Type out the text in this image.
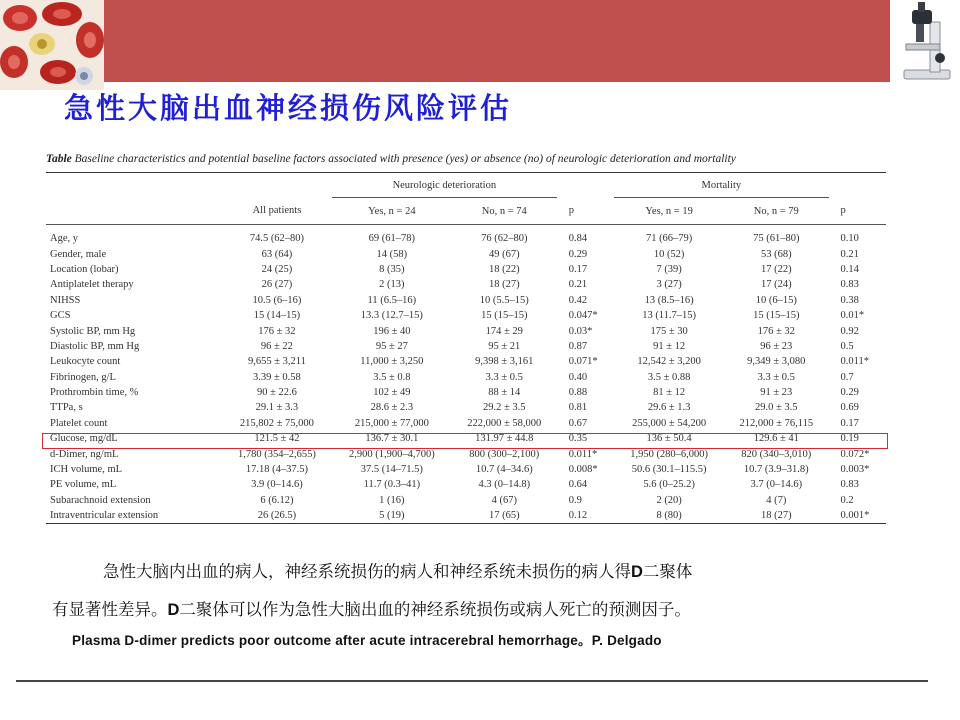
急性大脑出血神经损伤风险评估
Table Baseline characteristics and potential baseline factors associated with presence (yes) or absence (no) of neurologic deterioration and mortality
		Neurologic deterioration			Mortality		
	All patients	Yes, n = 24	No, n = 74	p	Yes, n = 19	No, n = 79	p

Age, y	74.5 (62–80)	69 (61–78)	76 (62–80)	0.84	71 (66–79)	75 (61–80)	0.10
Gender, male	63 (64)	14 (58)	49 (67)	0.29	10 (52)	53 (68)	0.21
Location (lobar)	24 (25)	8 (35)	18 (22)	0.17	7 (39)	17 (22)	0.14
Antiplatelet therapy	26 (27)	2 (13)	18 (27)	0.21	3 (27)	17 (24)	0.83
NIHSS	10.5 (6–16)	11 (6.5–16)	10 (5.5–15)	0.42	13 (8.5–16)	10 (6–15)	0.38
GCS	15 (14–15)	13.3 (12.7–15)	15 (15–15)	0.047*	13 (11.7–15)	15 (15–15)	0.01*
Systolic BP, mm Hg	176 ± 32	196 ± 40	174 ± 29	0.03*	175 ± 30	176 ± 32	0.92
Diastolic BP, mm Hg	96 ± 22	95 ± 27	95 ± 21	0.87	91 ± 12	96 ± 23	0.5
Leukocyte count	9,655 ± 3,211	11,000 ± 3,250	9,398 ± 3,161	0.071*	12,542 ± 3,200	9,349 ± 3,080	0.011*
Fibrinogen, g/L	3.39 ± 0.58	3.5 ± 0.8	3.3 ± 0.5	0.40	3.5 ± 0.88	3.3 ± 0.5	0.7
Prothrombin time, %	90 ± 22.6	102 ± 49	88 ± 14	0.88	81 ± 12	91 ± 23	0.29
TTPa, s	29.1 ± 3.3	28.6 ± 2.3	29.2 ± 3.5	0.81	29.6 ± 1.3	29.0 ± 3.5	0.69
Platelet count	215,802 ± 75,000	215,000 ± 77,000	222,000 ± 58,000	0.67	255,000 ± 54,200	212,000 ± 76,115	0.17
Glucose, mg/dL	121.5 ± 42	136.7 ± 30.1	131.97 ± 44.8	0.35	136 ± 50.4	129.6 ± 41	0.19
d-Dimer, ng/mL	1,780 (354–2,655)	2,900 (1,900–4,700)	800 (300–2,100)	0.011*	1,950 (280–6,000)	820 (340–3,010)	0.072*
ICH volume, mL	17.18 (4–37.5)	37.5 (14–71.5)	10.7 (4–34.6)	0.008*	50.6 (30.1–115.5)	10.7 (3.9–31.8)	0.003*
PE volume, mL	3.9 (0–14.6)	11.7 (0.3–41)	4.3 (0–14.8)	0.64	5.6 (0–25.2)	3.7 (0–14.6)	0.83
Subarachnoid extension	6 (6.12)	1 (16)	4 (67)	0.9	2 (20)	4 (7)	0.2
Intraventricular extension	26 (26.5)	5 (19)	17 (65)	0.12	8 (80)	18 (27)	0.001*
急性大脑内出血的病人，神经系统损伤的病人和神经系统未损伤的病人得D二聚体
有显著性差异。D二聚体可以作为急性大脑出血的神经系统损伤或病人死亡的预测因子。
Plasma D-dimer predicts poor outcome after acute intracerebral hemorrhage。P. Delgado
